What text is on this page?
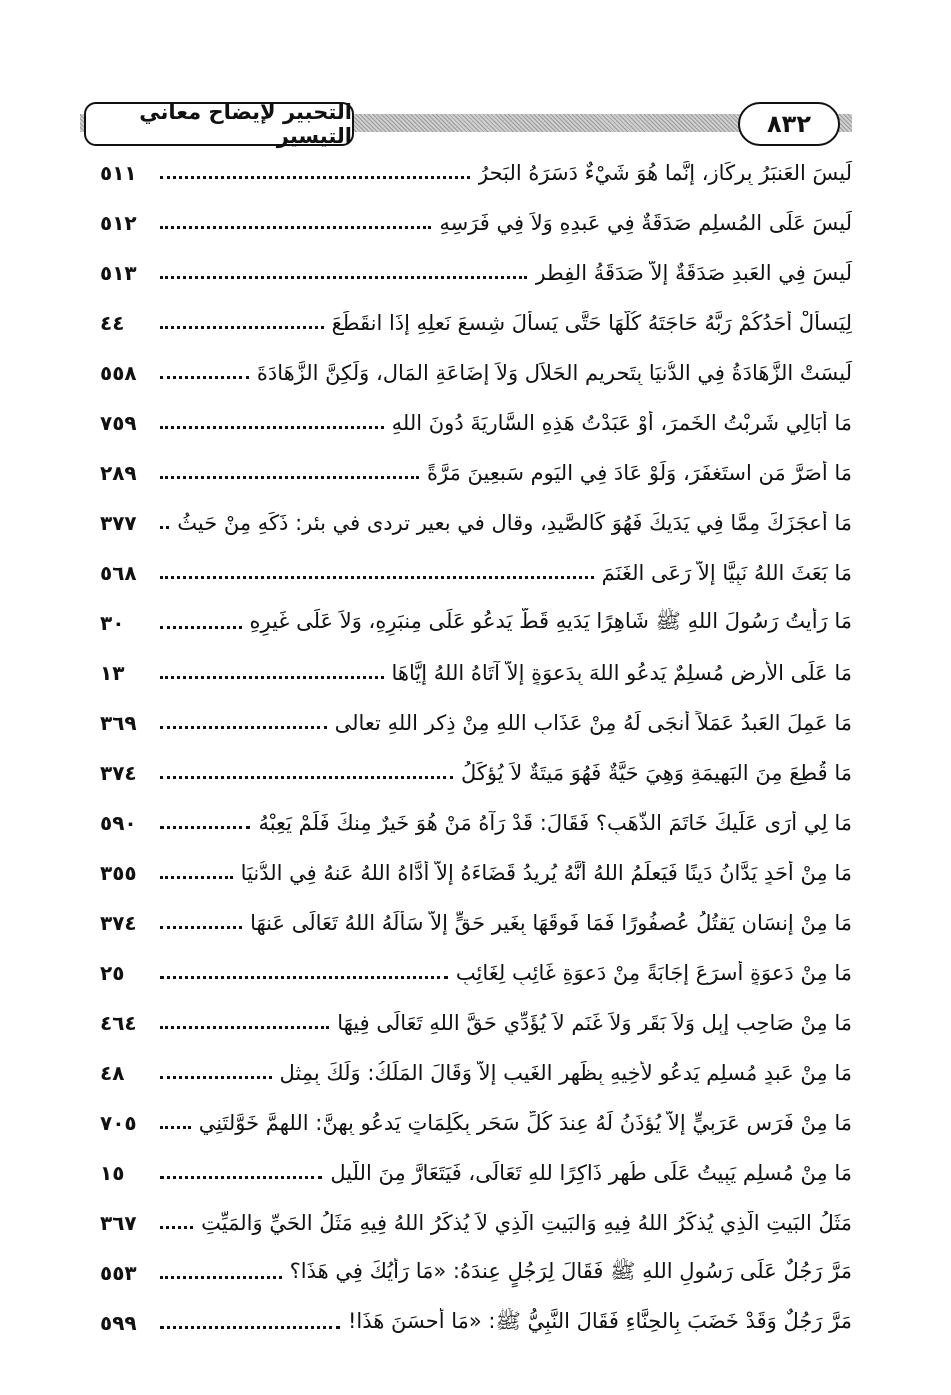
التحبير لإيضاح معاني التيسير	٨٣٢
٥١١	لَيسَ العَنبَرُ بِركَازٍ، إِنَّما هُوَ شَيْءٌ دَسَرَهُ البَحرُ
٥١٢	لَيسَ عَلَى المُسلِمِ صَدَقَةٌ فِي عَبدِهِ وَلاَ فِي فَرَسِهِ
٥١٣	لَيسَ فِي العَبدِ صَدَقَةٌ إِلاَّ صَدَقَةُ الفِطرِ
٤٤	لِيَسأَلْ أَحَدُكُمْ رَبَّهُ حَاجَتَهُ كُلَّهَا حَتَّى يَسأَلَ شِسعَ نَعلِهِ إِذَا انقَطَعَ
٥٥٨	لَيسَتْ الزَّهَادَةُ فِي الدُّنيَا بِتَحرِيمِ الحَلاَلِ وَلاَ إِضَاعَةِ المَالِ، وَلَكِنَّ الزَّهَادَةَ
٧٥٩	مَا أُبَالِي شَرِبْتُ الخَمرَ، أَوْ عَبَدْتُ هَذِهِ السَّارِيَةَ دُونَ اللهِ
٢٨٩	مَا أَصَرَّ مَنِ استَغفَرَ، وَلَوْ عَادَ فِي اليَومِ سَبعِينَ مَرَّةً
٣٧٧	مَا أَعجَزَكَ مِمَّا فِي يَدَيكَ فَهُوَ كَالصَّيدِ، وقال في بعير تردى في بئر: ذَكِّهِ مِنْ حَيثُ
٥٦٨	مَا بَعَثَ اللهُ نَبِيًّا إِلاَّ رَعَى الغَنَمَ
٣٠	مَا رَأَيتُ رَسُولَ اللهِ ﷺ شَاهِرًا يَدَيهِ قَطُّ يَدعُو عَلَى مِنبَرِهِ، وَلاَ عَلَى غَيرِهِ
١٣	مَا عَلَى الأَرضِ مُسلِمٌ يَدعُو اللهَ بِدَعوَةٍ إِلاَّ آتَاهُ اللهُ إِيَّاهَا
٣٦٩	مَا عَمِلَ العَبدُ عَمَلاً أَنجَى لَهُ مِنْ عَذَابِ اللهِ مِنْ ذِكرِ اللهِ تعالى
٣٧٤	مَا قُطِعَ مِنَ البَهِيمَةِ وَهِيَ حَيَّةٌ فَهُوَ مَيتَةٌ لاَ يُؤكَلُ
٥٩٠	مَا لِي أَرَى عَلَيكَ خَاتَمَ الذَّهَبِ؟ فَقَالَ: قَدْ رَآهُ مَنْ هُوَ خَيرٌ مِنكَ فَلَمْ يَعِبْهُ
٣٥٥	مَا مِنْ أَحَدٍ يَدَّانُ دَينًا فَيَعلَمُ اللهُ أَنَّهُ يُرِيدُ قَضَاءَهُ إِلاَّ أَدَّاهُ اللهُ عَنهُ فِي الدُّنيَا
٣٧٤	مَا مِنْ إِنسَانٍ يَقتُلُ عُصفُورًا فَمَا فَوقَهَا بِغَيرِ حَقٍّ إِلاَّ سَأَلَهُ اللهُ تَعَالَى عَنهَا
٢٥	مَا مِنْ دَعوَةٍ أَسرَعَ إِجَابَةً مِنْ دَعوَةِ غَائِبٍ لِغَائِبٍ
٤٦٤	مَا مِنْ صَاحِبِ إِبِلٍ وَلاَ بَقَرٍ وَلاَ غَنَمٍ لاَ يُؤَدِّي حَقَّ اللهِ تَعَالَى فِيهَا
٤٨	مَا مِنْ عَبدٍ مُسلِمٍ يَدعُو لأَخِيهِ بِظَهرِ الغَيبِ إِلاَّ وَقَالَ المَلَكُ: وَلَكَ بِمِثلٍ
٧٠٥	مَا مِنْ فَرَسٍ عَرَبِيٍّ إِلاَّ يُؤذَنُ لَهُ عِندَ كُلِّ سَحَرٍ بِكَلِمَاتٍ يَدعُو بِهِنَّ: اللهمَّ خَوَّلتَنِي
١٥	مَا مِنْ مُسلِمٍ يَبِيتُ عَلَى طُهرٍ ذَاكِرًا للهِ تَعَالَى، فَيَتَعَارَّ مِنَ اللَّيلِ
٣٦٧	مَثَلُ البَيتِ الَّذِي يُذكَرُ اللهُ فِيهِ وَالبَيتِ الَّذِي لاَ يُذكَرُ اللهُ فِيهِ مَثَلُ الحَيِّ وَالمَيِّتِ
٥٥٣	مَرَّ رَجُلٌ عَلَى رَسُولِ اللهِ ﷺ فَقَالَ لِرَجُلٍ عِندَهُ: «مَا رَأيُكَ فِي هَذَا؟
٥٩٩	مَرَّ رَجُلٌ وَقَدْ خَضَبَ بِالحِنَّاءِ فَقَالَ النَّبِيُّ ﷺ: «مَا أَحسَنَ هَذَا!
